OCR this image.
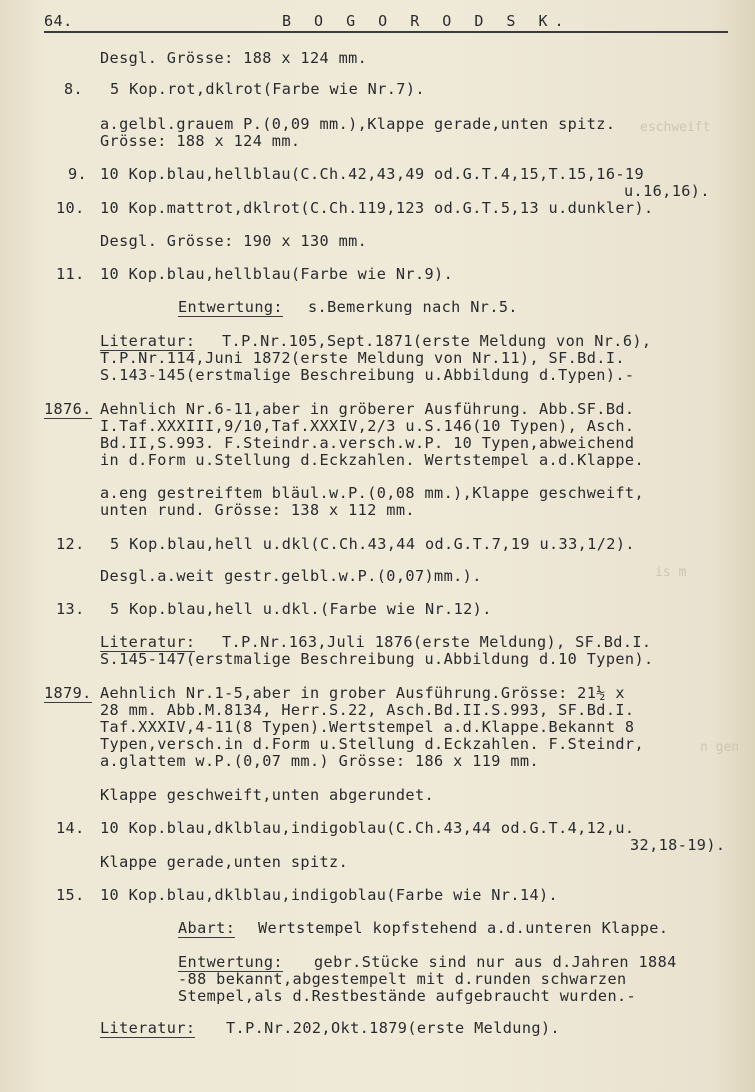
eschweift
is m
n gen
64.	B O G O R O D S K.
Desgl. Grösse: 188 x 124 mm.
8. 5 Kop.rot,dklrot(Farbe wie Nr.7).
a.gelbl.grauem P.(0,09 mm.),Klappe gerade,unten spitz.
Grösse: 188 x 124 mm.
9. 10 Kop.blau,hellblau(C.Ch.42,43,49 od.G.T.4,15,T.15,16-19
u.16,16).
10. 10 Kop.mattrot,dklrot(C.Ch.119,123 od.G.T.5,13 u.dunkler).
Desgl. Grösse: 190 x 130 mm.
11. 10 Kop.blau,hellblau(Farbe wie Nr.9).
Entwertung: s.Bemerkung nach Nr.5.
Literatur: T.P.Nr.105,Sept.1871(erste Meldung von Nr.6),
T.P.Nr.114,Juni 1872(erste Meldung von Nr.11), SF.Bd.I.
S.143-145(erstmalige Beschreibung u.Abbildung d.Typen).-
1876. Aehnlich Nr.6-11,aber in gröberer Ausführung. Abb.SF.Bd.
I.Taf.XXXIII,9/10,Taf.XXXIV,2/3 u.S.146(10 Typen), Asch.
Bd.II,S.993. F.Steindr.a.versch.w.P. 10 Typen,abweichend
in d.Form u.Stellung d.Eckzahlen. Wertstempel a.d.Klappe.
a.eng gestreiftem bläul.w.P.(0,08 mm.),Klappe geschweift,
unten rund. Grösse: 138 x 112 mm.
12. 5 Kop.blau,hell u.dkl(C.Ch.43,44 od.G.T.7,19 u.33,1/2).
Desgl.a.weit gestr.gelbl.w.P.(0,07)mm.).
13. 5 Kop.blau,hell u.dkl.(Farbe wie Nr.12).
Literatur: T.P.Nr.163,Juli 1876(erste Meldung), SF.Bd.I.
S.145-147(erstmalige Beschreibung u.Abbildung d.10 Typen).
1879. Aehnlich Nr.1-5,aber in grober Ausführung.Grösse: 21½ x
28 mm. Abb.M.8134, Herr.S.22, Asch.Bd.II.S.993, SF.Bd.I.
Taf.XXXIV,4-11(8 Typen).Wertstempel a.d.Klappe.Bekannt 8
Typen,versch.in d.Form u.Stellung d.Eckzahlen. F.Steindr,
a.glattem w.P.(0,07 mm.) Grösse: 186 x 119 mm.
Klappe geschweift,unten abgerundet.
14. 10 Kop.blau,dklblau,indigoblau(C.Ch.43,44 od.G.T.4,12,u.
32,18-19).
Klappe gerade,unten spitz.
15. 10 Kop.blau,dklblau,indigoblau(Farbe wie Nr.14).
Abart: Wertstempel kopfstehend a.d.unteren Klappe.
Entwertung: gebr.Stücke sind nur aus d.Jahren 1884
-88 bekannt,abgestempelt mit d.runden schwarzen
Stempel,als d.Restbestände aufgebraucht wurden.-
Literatur: T.P.Nr.202,Okt.1879(erste Meldung).
